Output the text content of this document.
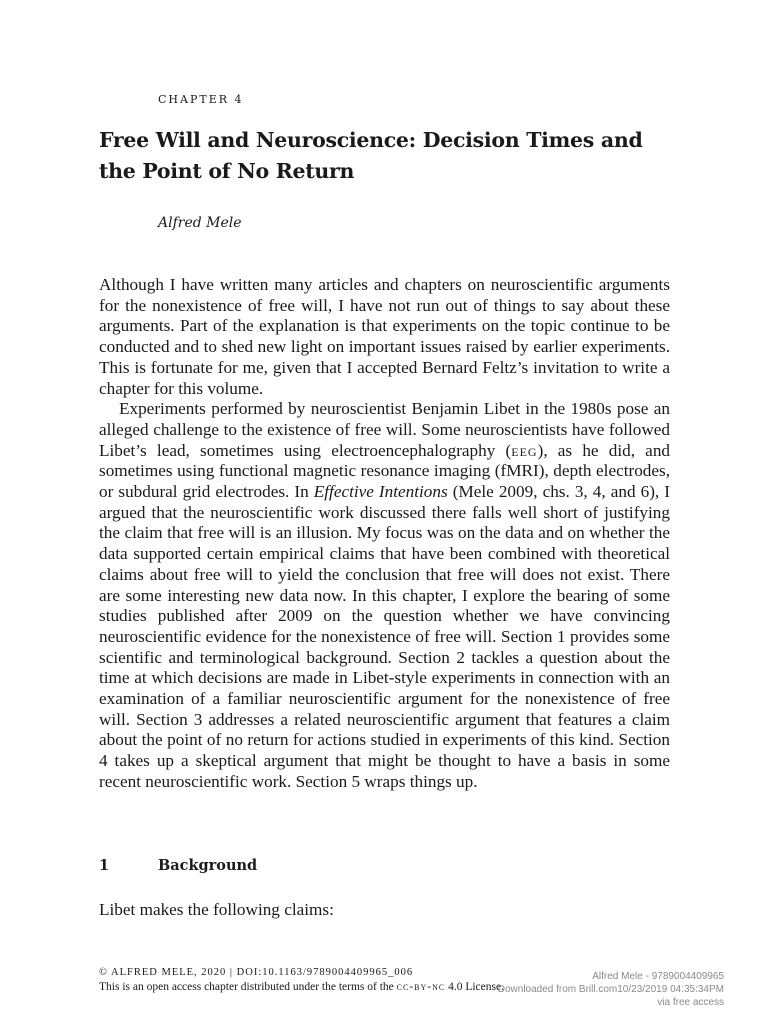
CHAPTER 4
Free Will and Neuroscience: Decision Times and the Point of No Return
Alfred Mele

Although I have written many articles and chapters on neuroscientific arguments for the nonexistence of free will, I have not run out of things to say about these arguments. Part of the explanation is that experiments on the topic continue to be conducted and to shed new light on important issues raised by earlier experiments. This is fortunate for me, given that I accepted Bernard Feltz’s invitation to write a chapter for this volume.

Experiments performed by neuroscientist Benjamin Libet in the 1980s pose an alleged challenge to the existence of free will. Some neuroscientists have followed Libet’s lead, sometimes using electroencephalography (eeg), as he did, and sometimes using functional magnetic resonance imaging (fMRI), depth electrodes, or subdural grid electrodes. In Effective Intentions (Mele 2009, chs. 3, 4, and 6), I argued that the neuroscientific work discussed there falls well short of justifying the claim that free will is an illusion. My focus was on the data and on whether the data supported certain empirical claims that have been combined with theoretical claims about free will to yield the conclusion that free will does not exist. There are some interesting new data now. In this chapter, I explore the bearing of some studies published after 2009 on the question whether we have convincing neuroscientific evidence for the nonexistence of free will. Section 1 provides some scientific and terminological background. Section 2 tackles a question about the time at which decisions are made in Libet-style experiments in connection with an examination of a familiar neuroscientific argument for the nonexistence of free will. Section 3 addresses a related neuroscientific argument that features a claim about the point of no return for actions studied in experiments of this kind. Section 4 takes up a skeptical argument that might be thought to have a basis in some recent neuroscientific work. Section 5 wraps things up.

1	Background
Libet makes the following claims:
© ALFRED MELE, 2020 | DOI:10.1163/9789004409965_006
This is an open access chapter distributed under the terms of the cc-by-nc 4.0 License.
Alfred Mele - 9789004409965
Downloaded from Brill.com10/23/2019 04:35:34PM
via free access
